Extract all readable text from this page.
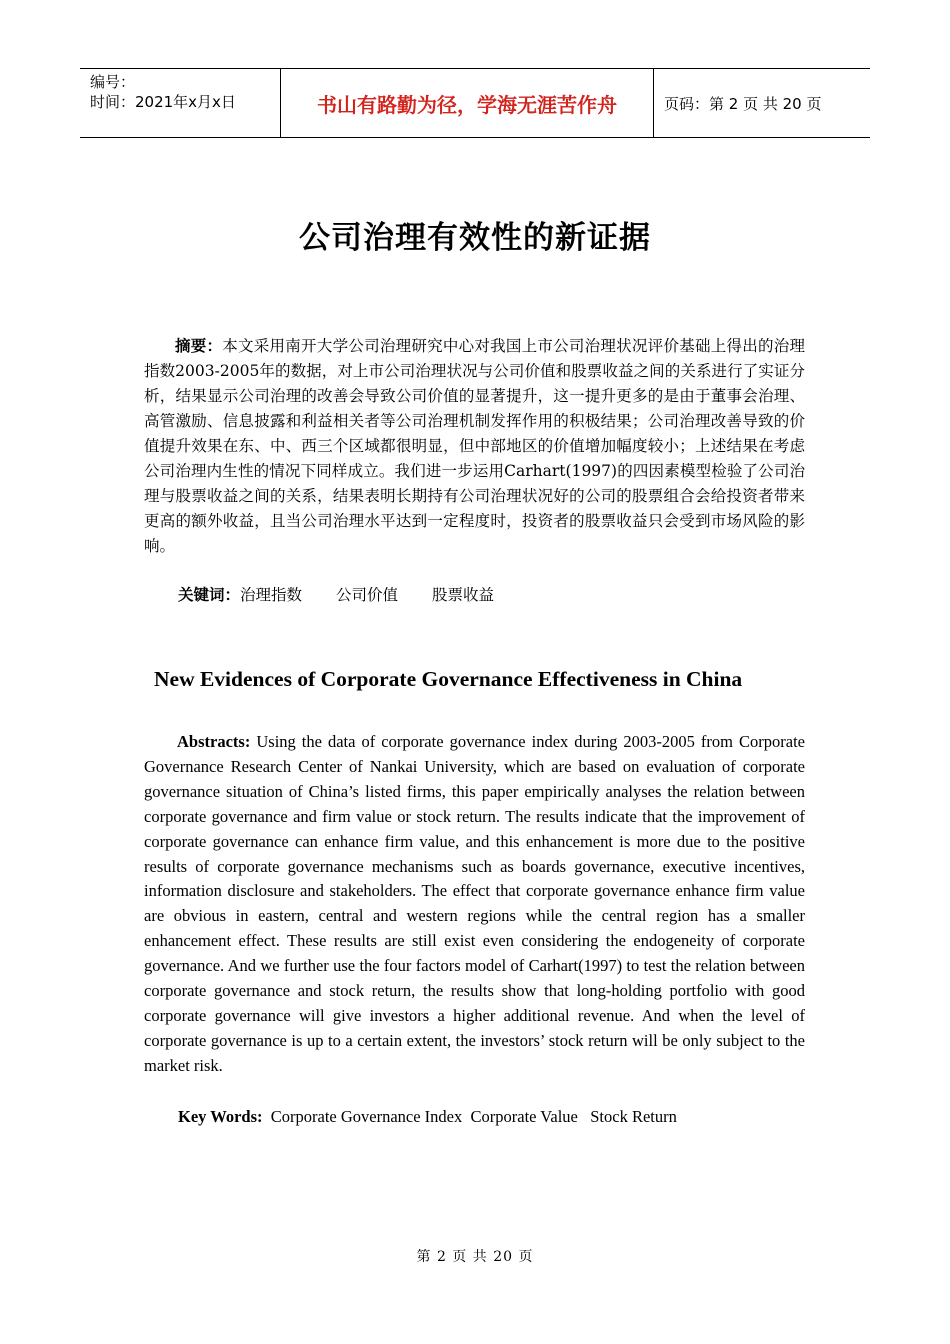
编号：
时间：2021年x月x日	书山有路勤为径，学海无涯苦作舟	页码：第 2 页 共 20 页
公司治理有效性的新证据

摘要：本文采用南开大学公司治理研究中心对我国上市公司治理状况评价基础上得出的治理指数2003-2005年的数据，对上市公司治理状况与公司价值和股票收益之间的关系进行了实证分析，结果显示公司治理的改善会导致公司价值的显著提升，这一提升更多的是由于董事会治理、高管激励、信息披露和利益相关者等公司治理机制发挥作用的积极结果；公司治理改善导致的价值提升效果在东、中、西三个区域都很明显，但中部地区的价值增加幅度较小；上述结果在考虑公司治理内生性的情况下同样成立。我们进一步运用Carhart(1997)的四因素模型检验了公司治理与股票收益之间的关系，结果表明长期持有公司治理状况好的公司的股票组合会给投资者带来更高的额外收益，且当公司治理水平达到一定程度时，投资者的股票收益只会受到市场风险的影响。

关键词：治理指数 公司价值 股票收益

New Evidences of Corporate Governance Effectiveness in China

Abstracts: Using the data of corporate governance index during 2003-2005 from Corporate Governance Research Center of Nankai University, which are based on evaluation of corporate governance situation of China’s listed firms, this paper empirically analyses the relation between corporate governance and firm value or stock return. The results indicate that the improvement of corporate governance can enhance firm value, and this enhancement is more due to the positive results of corporate governance mechanisms such as boards governance, executive incentives, information disclosure and stakeholders. The effect that corporate governance enhance firm value are obvious in eastern, central and western regions while the central region has a smaller enhancement effect. These results are still exist even considering the endogeneity of corporate governance. And we further use the four factors model of Carhart(1997) to test the relation between corporate governance and stock return, the results show that long-holding portfolio with good corporate governance will give investors a higher additional revenue. And when the level of corporate governance is up to a certain extent, the investors’ stock return will be only subject to the market risk.

Key Words:  Corporate Governance Index  Corporate Value   Stock Return

第 2 页 共 20 页
